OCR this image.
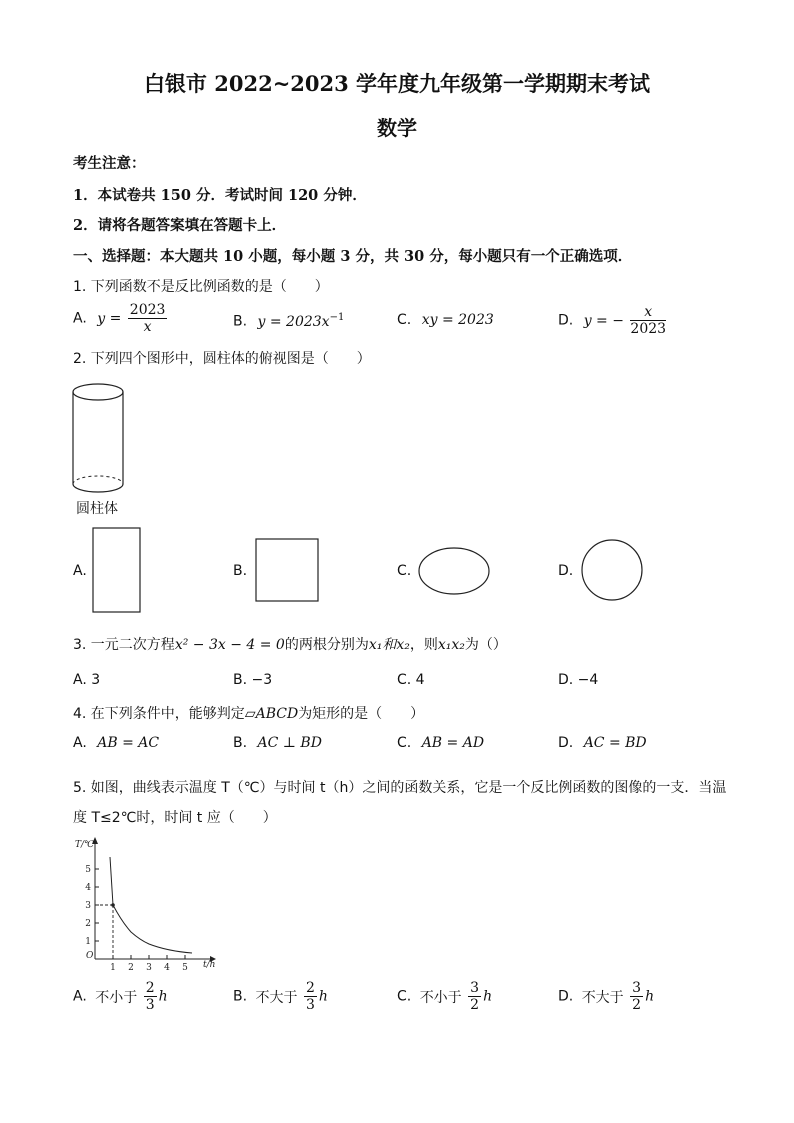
白银市 2022~2023 学年度九年级第一学期期末考试
数学
考生注意：
1．本试卷共 150 分．考试时间 120 分钟．
2．请将各题答案填在答题卡上．
一、选择题：本大题共 10 小题，每小题 3 分，共 30 分，每小题只有一个正确选项．
1. 下列函数不是反比例函数的是（　　）
A. $y = \frac{2023}{x}$	B. $y = 2023x^{-1}$	C. xy = 2023	D. y = − $\frac{x}{2023}$
2. 下列四个图形中，圆柱体的俯视图是（　　）
圆柱体
A.	B.	C.	D.
3. 一元二次方程x² − 3x − 4 = 0的两根分别为x₁和x₂，则x₁x₂为（）
A. 3	B. −3	C. 4	D. −4
4. 在下列条件中，能够判定▱ABCD为矩形的是（　　）
A. AB = AC	B. AC ⊥ BD	C. AB = AD	D. AC = BD
5. 如图，曲线表示温度 T（℃）与时间 t（h）之间的函数关系，它是一个反比例函数的图像的一支．当温
度 T≤2℃时，时间 t 应（　　）
T/℃
t/h
O
1 2 3 4 5
1
2
3
4
5
A. 不小于 $\frac{2}{3}$ h	B. 不大于 $\frac{2}{3}$ h	C. 不小于 $\frac{3}{2}$ h	D. 不大于 $\frac{3}{2}$ h
